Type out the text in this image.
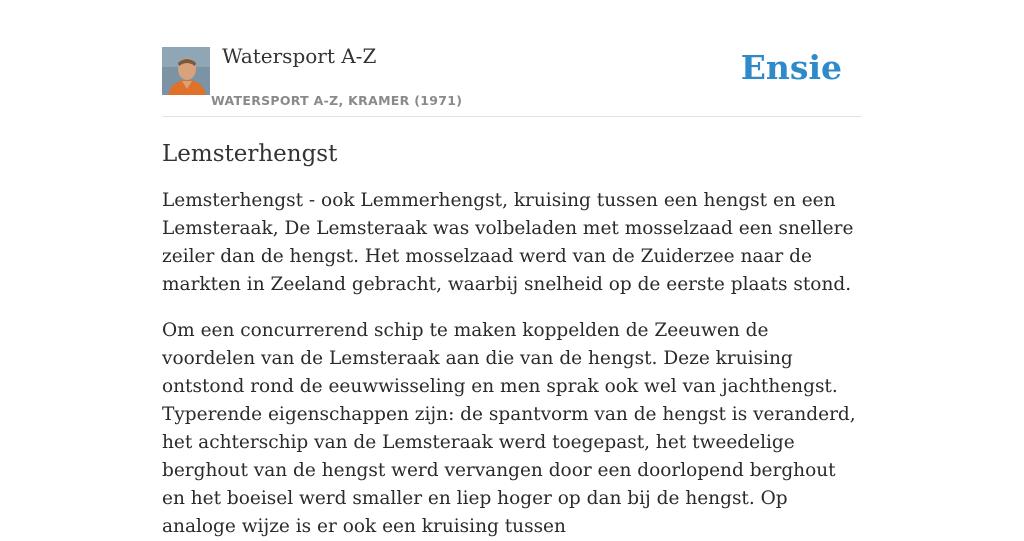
Watersport A-Z
WATERSPORT A-Z, KRAMER (1971)
Ensie
Lemsterhengst

Lemsterhengst - ook Lemmerhengst, kruising tussen een hengst en een Lemsteraak, De Lemsteraak was volbeladen met mosselzaad een snellere zeiler dan de hengst. Het mosselzaad werd van de Zuiderzee naar de markten in Zeeland gebracht, waarbij snelheid op de eerste plaats stond.

Om een concurrerend schip te maken koppelden de Zeeuwen de voordelen van de Lemsteraak aan die van de hengst. Deze kruising ontstond rond de eeuwwisseling en men sprak ook wel van jachthengst. Typerende eigenschappen zijn: de spantvorm van de hengst is veranderd, het achterschip van de Lemsteraak werd toegepast, het tweedelige berghout van de hengst werd vervangen door een doorlopend berghout en het boeisel werd smaller en liep hoger op dan bij de hengst. Op analoge wijze is er ook een kruising tussen
